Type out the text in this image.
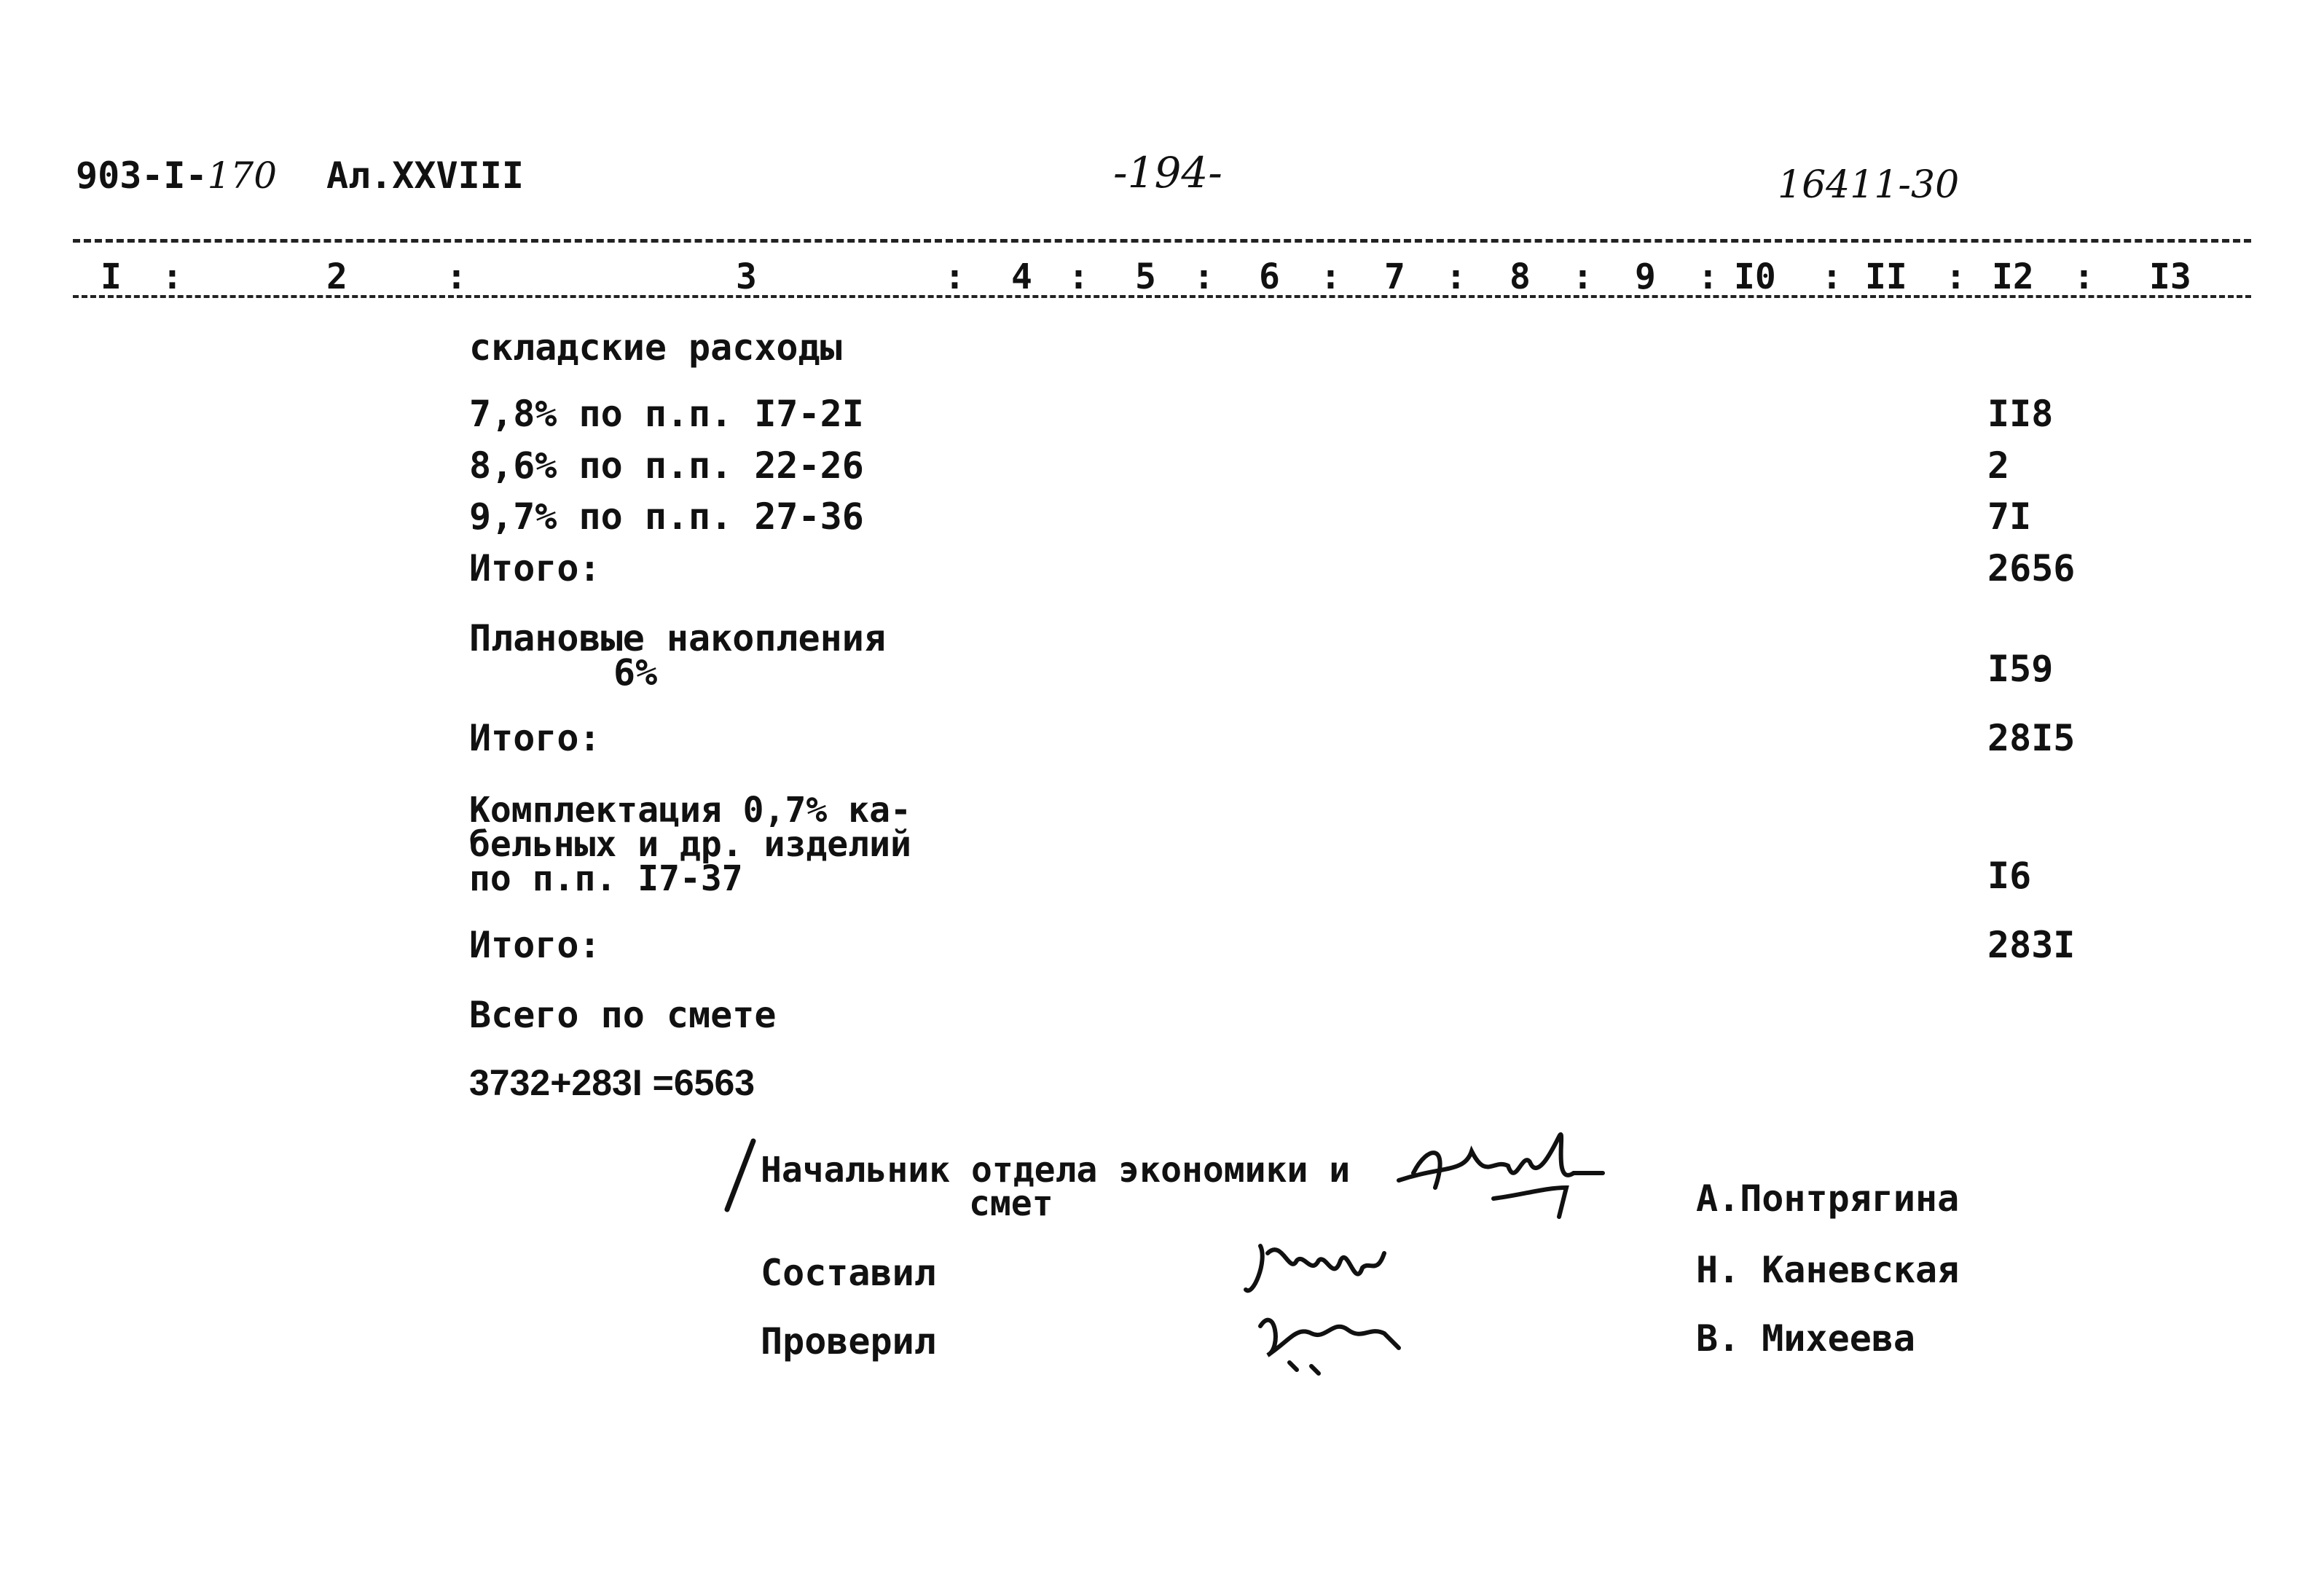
903-I-170 Ал.XXVIII	-194-	16411-30
I :	2	:	3	: 4 : 5 : 6 : 7 : 8 : 9 : I0 : II : I2 : I3
складские расходы
7,8% по п.п. I7-2I	II8
8,6% по п.п. 22-26	2
9,7% по п.п. 27-36	7I
Итого:	2656
Плановые накопления
6%	I59
Итого:	28I5
Комплектация 0,7% ка-
бельных и др. изделий
по п.п. I7-37	I6
Итого:	283I
Всего по смете
3732+283I =6563
Начальник отдела экономики и
смет	А.Понтрягина
Составил	Н. Каневская
Проверил	В. Михеева
